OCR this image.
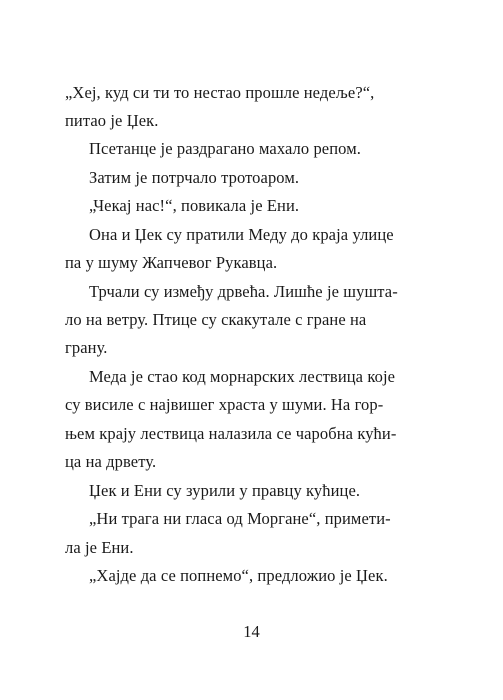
„Хеј, куд си ти то нестао прошле недеље?“,
питао је Џек.
Псетанце је раздрагано махало репом.
Затим је потрчало тротоаром.
„Чекај нас!“, повикала је Ени.
Она и Џек су пратили Меду до краја улице
па у шуму Жапчевог Рукавца.
Трчали су између дрвећа. Лишће је шушта-
ло на ветру. Птице су скакутале с гране на
грану.
Меда је стао код морнарских лествица које
су висиле с највишег храста у шуми. На гор-
њем крају лествица налазила се чаробна кући-
ца на дрвету.
Џек и Ени су зурили у правцу кућице.
„Ни трага ни гласа од Моргане“, примети-
ла је Ени.
„Хајде да се попнемо“, предложио је Џек.
14
